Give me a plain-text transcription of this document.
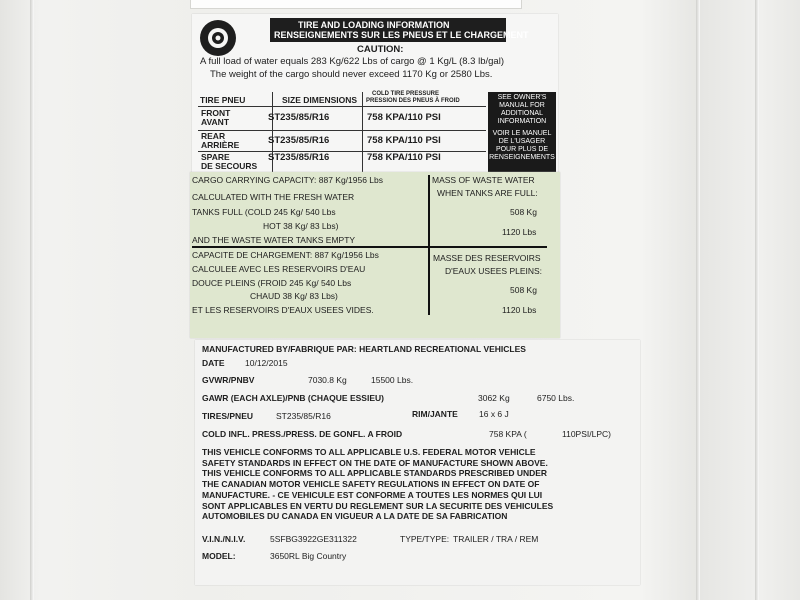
TIRE AND LOADING INFORMATION
RENSEIGNEMENTS SUR LES PNEUS ET LE CHARGEMENT
CAUTION:
A full load of water equals 283 Kg/622 Lbs of cargo @ 1 Kg/L (8.3 lb/gal)
The weight of the cargo should never exceed 1170 Kg or 2580 Lbs.
TIRE PNEU	SIZE DIMENSIONS
COLD TIRE PRESSURE
PRESSION DES PNEUS À FROID
FRONT
AVANT	ST235/85/R16	758 KPA/110 PSI
REAR
ARRIÈRE	ST235/85/R16	758 KPA/110 PSI
SPARE
DE SECOURS
ST235/85/R16	758 KPA/110 PSI
SEE OWNER'S
MANUAL FOR
ADDITIONAL
INFORMATION
VOIR LE MANUEL
DE L'USAGER
POUR PLUS DE
RENSEIGNEMENTS
CARGO CARRYING CAPACITY: 887 Kg/1956 Lbs
CALCULATED WITH THE FRESH WATER
TANKS FULL (COLD 245 Kg/ 540 Lbs
HOT 38 Kg/ 83 Lbs)
AND THE WASTE WATER TANKS EMPTY
MASS OF WASTE WATER
WHEN TANKS ARE FULL:
508 Kg
1120 Lbs
CAPACITE DE CHARGEMENT: 887 Kg/1956 Lbs
CALCULEE AVEC LES RESERVOIRS D'EAU
DOUCE PLEINS (FROID 245 Kg/ 540 Lbs
CHAUD 38 Kg/ 83 Lbs)
ET LES RESERVOIRS D'EAUX USEES VIDES.
MASSE DES RESERVOIRS
D'EAUX USEES PLEINS:
508 Kg
1120 Lbs
MANUFACTURED BY/FABRIQUE PAR: HEARTLAND RECREATIONAL VEHICLES
DATE 10/12/2015
GVWR/PNBV	7030.8 Kg	15500 Lbs.
GAWR (EACH AXLE)/PNB (CHAQUE ESSIEU)	3062 Kg	6750 Lbs.
TIRES/PNEU	ST235/85/R16	RIM/JANTE 16 x 6 J
COLD INFL. PRESS./PRESS. DE GONFL. A FROID	758 KPA (	110PSI/LPC)
THIS VEHICLE CONFORMS TO ALL APPLICABLE U.S. FEDERAL MOTOR VEHICLE
SAFETY STANDARDS IN EFFECT ON THE DATE OF MANUFACTURE SHOWN ABOVE.
THIS VEHICLE CONFORMS TO ALL APPLICABLE STANDARDS PRESCRIBED UNDER
THE CANADIAN MOTOR VEHICLE SAFETY REGULATIONS IN EFFECT ON DATE OF
MANUFACTURE. - CE VEHICULE EST CONFORME A TOUTES LES NORMES QUI LUI
SONT APPLICABLES EN VERTU DU REGLEMENT SUR LA SECURITE DES VEHICULES
AUTOMOBILES DU CANADA EN VIGUEUR A LA DATE DE SA FABRICATION
V.I.N./N.I.V.	5SFBG3922GE311322	TYPE/TYPE: TRAILER / TRA / REM
MODEL:	3650RL Big Country
